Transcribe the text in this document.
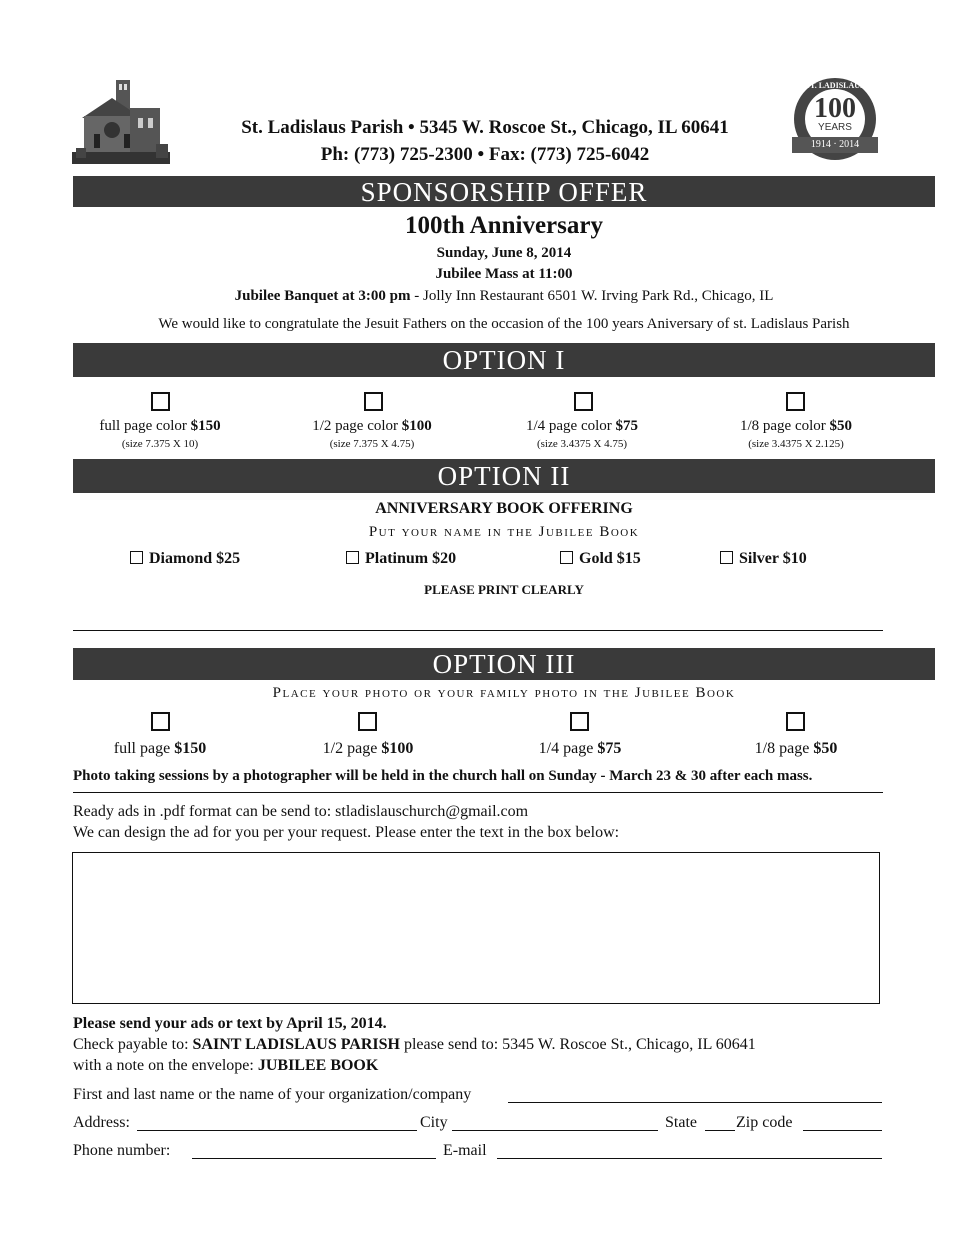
St. Ladislaus Parish • 5345 W. Roscoe St., Chicago, IL 60641
Ph: (773) 725-2300 • Fax: (773) 725-6042
ST. LADISLAUS
100
YEARS
1914 · 2014
SPONSORSHIP OFFER
100th Anniversary
Sunday, June 8, 2014
Jubilee Mass at 11:00
Jubilee Banquet at 3:00 pm - Jolly Inn Restaurant 6501 W. Irving Park Rd., Chicago, IL
We would like to congratulate the Jesuit Fathers on the occasion of the 100 years Aniversary of st. Ladislaus Parish
OPTION I
full page color $150	1/2 page color $100	1/4 page color $75	1/8 page color $50
(size 7.375 X 10)	(size 7.375 X 4.75)	(size 3.4375 X 4.75)	(size 3.4375 X 2.125)
OPTION II
ANNIVERSARY BOOK OFFERING
Put your name in the Jubilee Book
Diamond $25	Platinum $20	Gold $15	Silver $10
PLEASE PRINT CLEARLY
OPTION III
Place your photo or your family photo in the Jubilee Book
full page $150	1/2 page $100	1/4 page $75	1/8 page $50
Photo taking sessions by a photographer will be held in the church hall on Sunday - March 23 & 30 after each mass.
Ready ads in .pdf format can be send to: stladislauschurch@gmail.com
We can design the ad for you per your request. Please enter the text in the box below:
Please send your ads or text by April 15, 2014.
Check payable to: SAINT LADISLAUS PARISH please send to: 5345 W. Roscoe St., Chicago, IL 60641
with a note on the envelope: JUBILEE BOOK
First and last name or the name of your organization/company
Address:	City	State Zip code
Phone number:	E-mail
